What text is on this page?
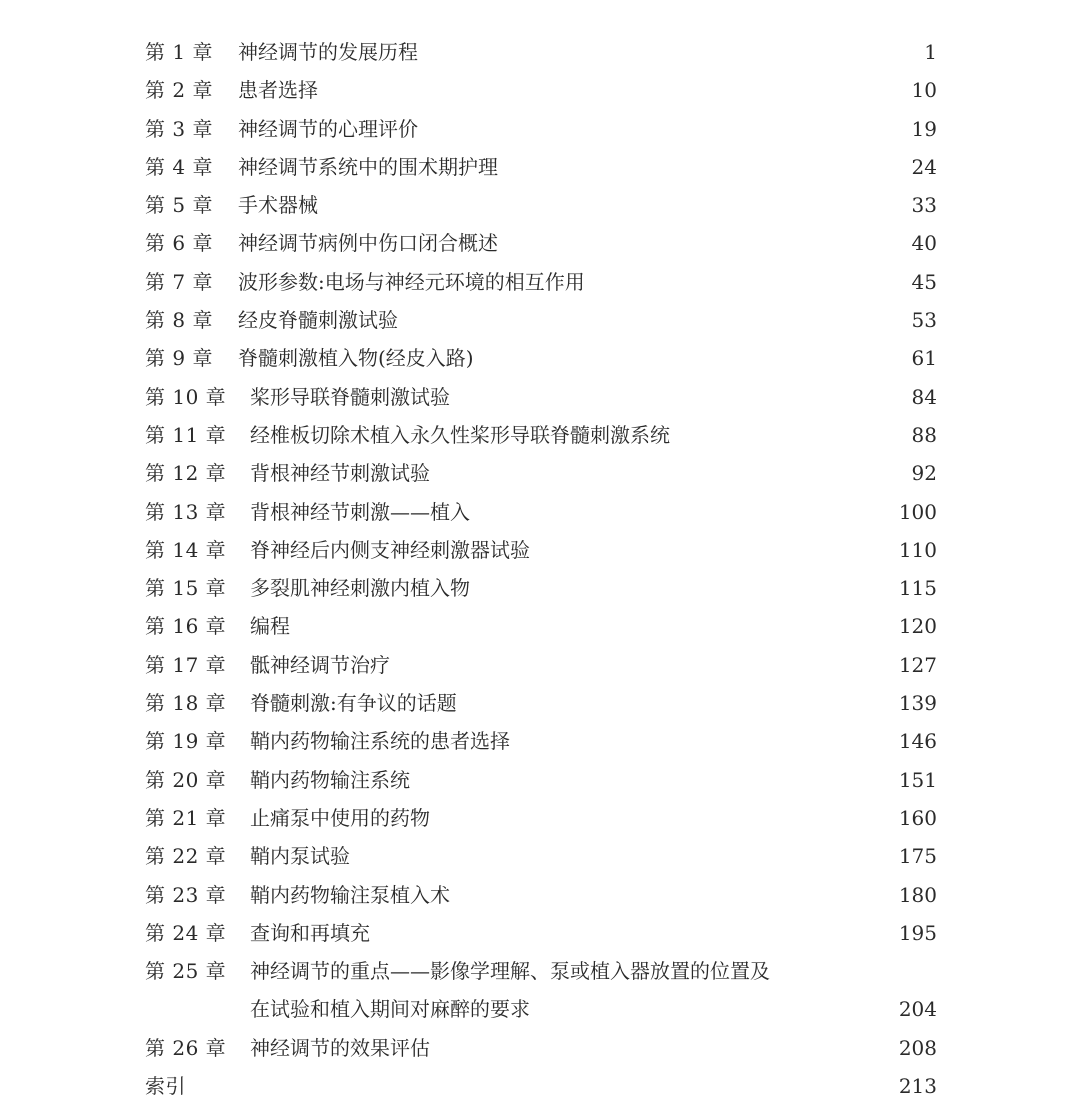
第 1 章	神经调节的发展历程	1
第 2 章	患者选择	10
第 3 章	神经调节的心理评价	19
第 4 章	神经调节系统中的围术期护理	24
第 5 章	手术器械	33
第 6 章	神经调节病例中伤口闭合概述	40
第 7 章	波形参数:电场与神经元环境的相互作用	45
第 8 章	经皮脊髓刺激试验	53
第 9 章	脊髓刺激植入物(经皮入路)	61
第 10 章	桨形导联脊髓刺激试验	84
第 11 章	经椎板切除术植入永久性桨形导联脊髓刺激系统	88
第 12 章	背根神经节刺激试验	92
第 13 章	背根神经节刺激——植入	100
第 14 章	脊神经后内侧支神经刺激器试验	110
第 15 章	多裂肌神经刺激内植入物	115
第 16 章	编程	120
第 17 章	骶神经调节治疗	127
第 18 章	脊髓刺激:有争议的话题	139
第 19 章	鞘内药物输注系统的患者选择	146
第 20 章	鞘内药物输注系统	151
第 21 章	止痛泵中使用的药物	160
第 22 章	鞘内泵试验	175
第 23 章	鞘内药物输注泵植入术	180
第 24 章	查询和再填充	195
第 25 章	神经调节的重点——影像学理解、泵或植入器放置的位置及
在试验和植入期间对麻醉的要求	204
第 26 章	神经调节的效果评估	208
索引	213
